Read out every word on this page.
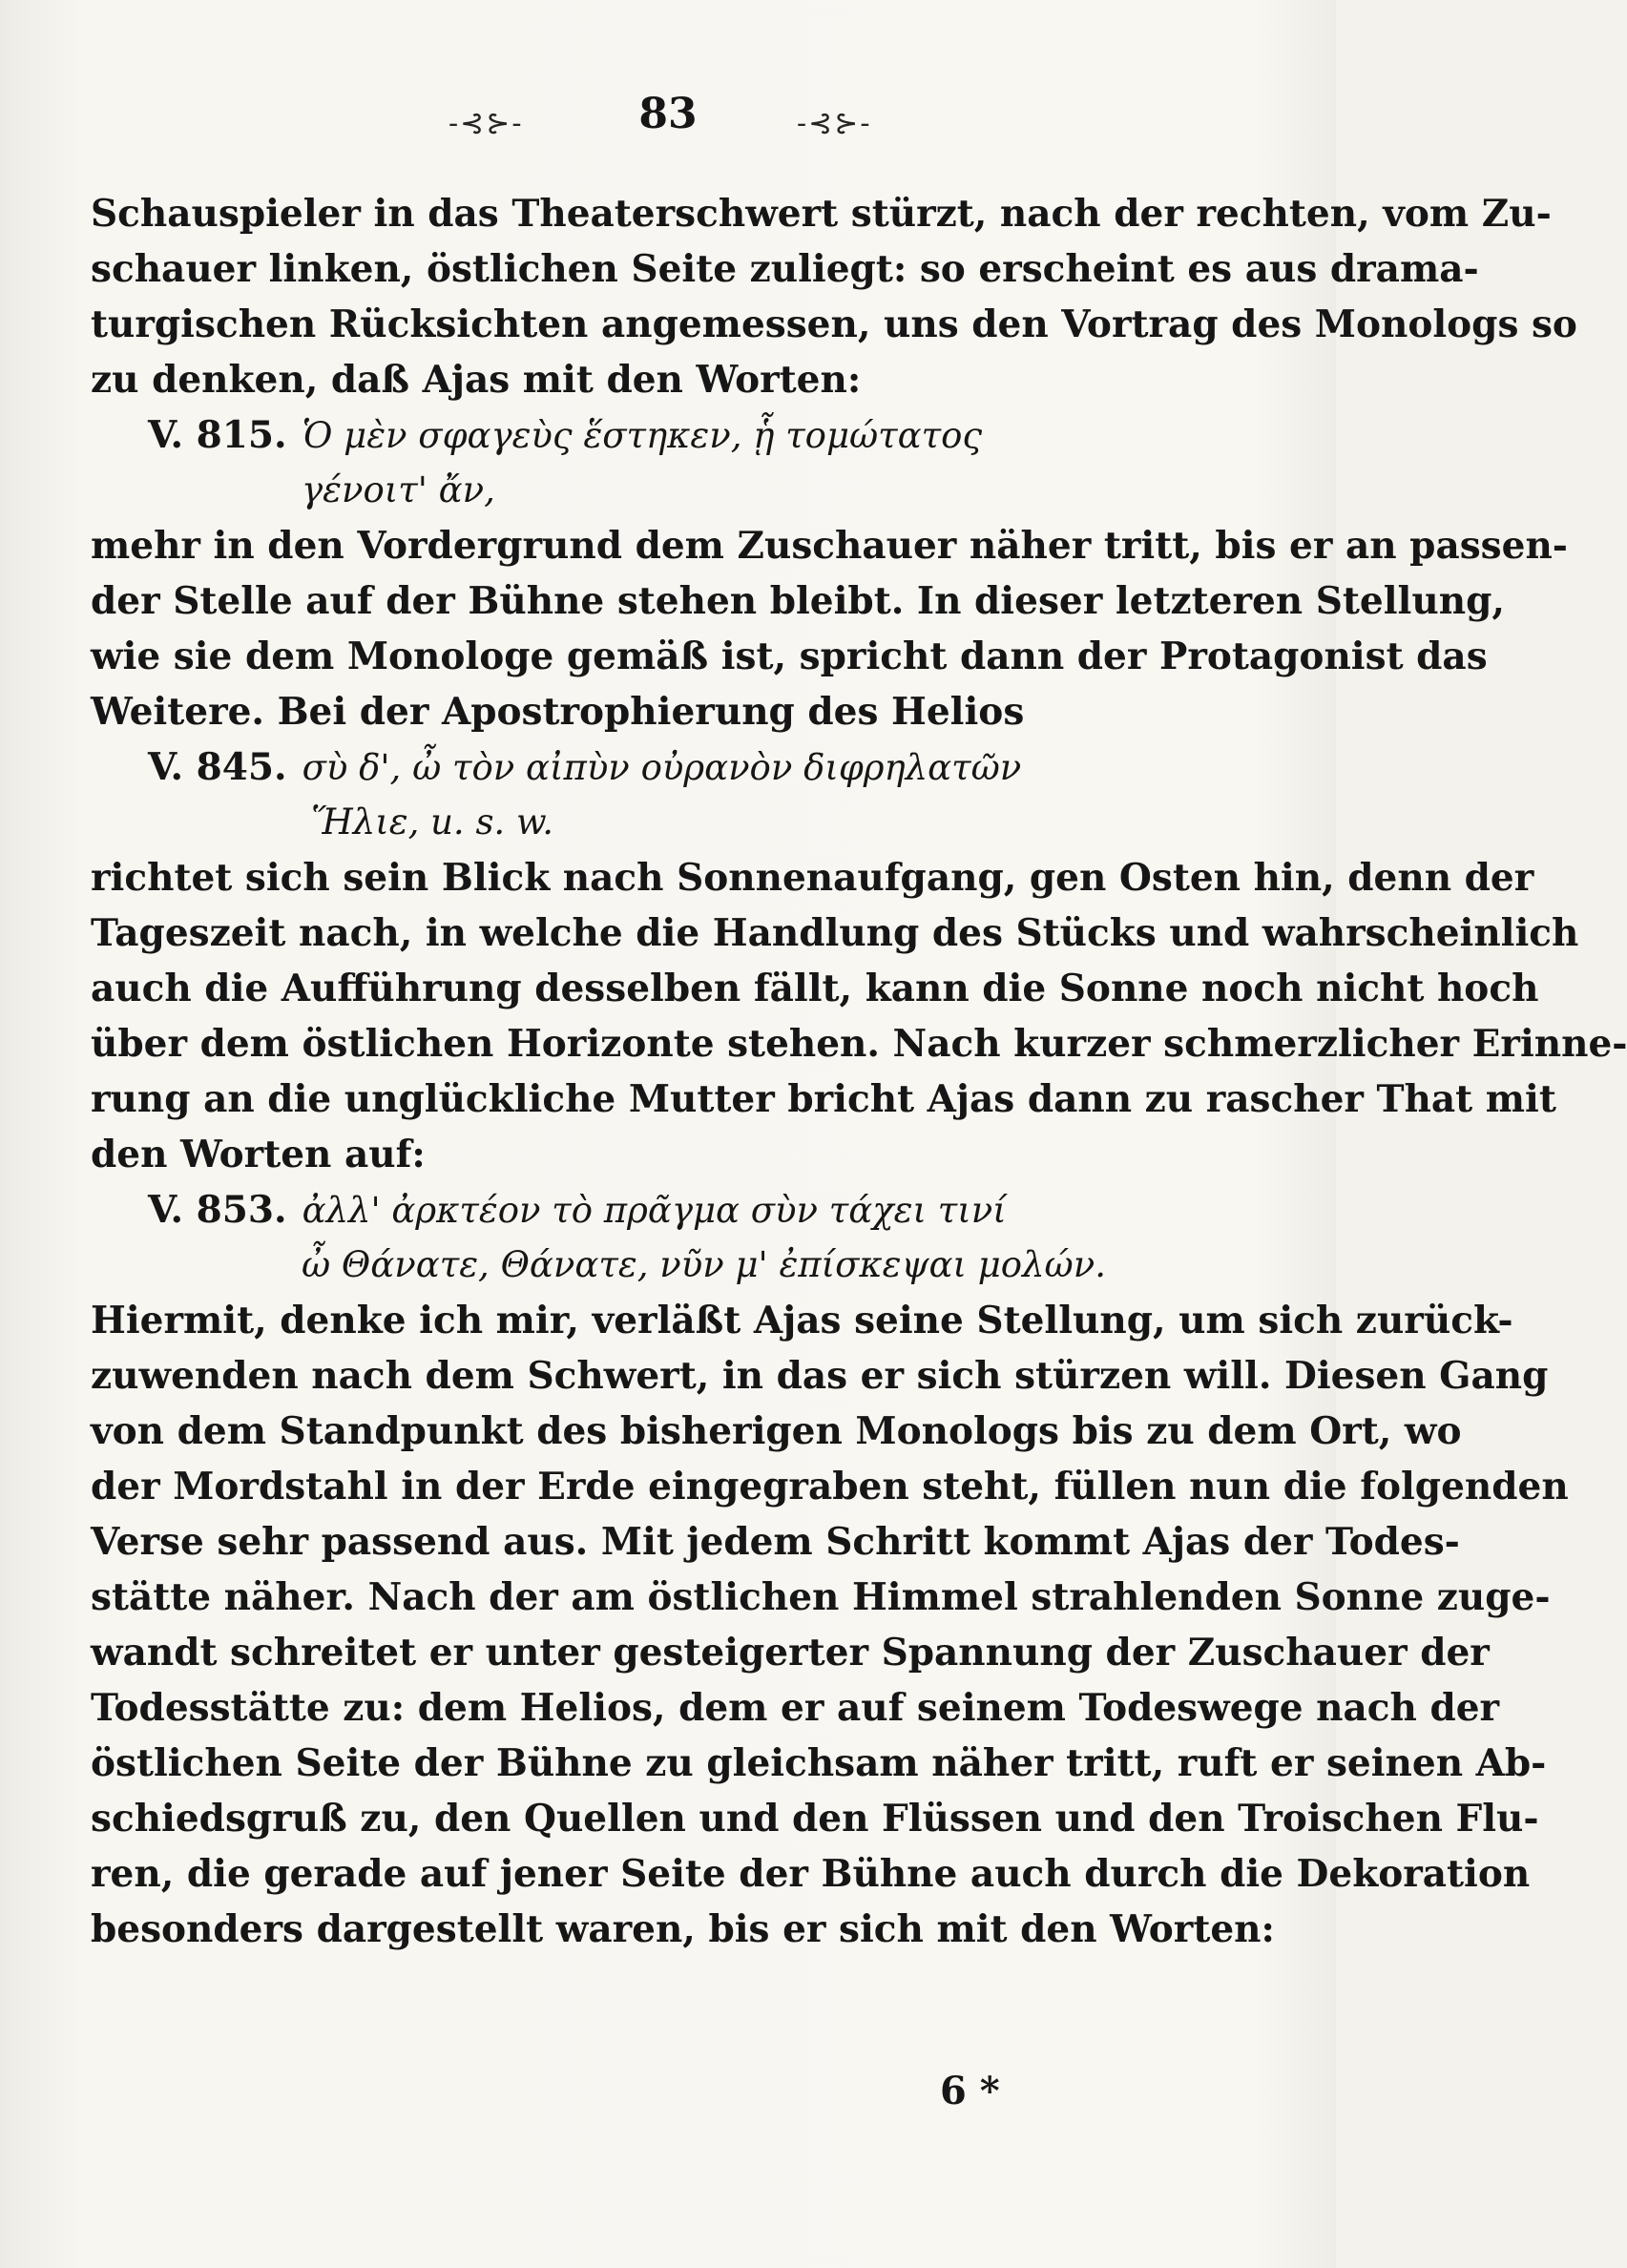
-⊰⊱-	83	-⊰⊱-
Schauspieler in das Theaterschwert stürzt, nach der rechten, vom Zu-
schauer linken, östlichen Seite zuliegt: so erscheint es aus drama-
turgischen Rücksichten angemessen, uns den Vortrag des Monologs so
zu denken, daß Ajas mit den Worten:
V. 815. Ὁ μὲν σφαγεὺς ἕστηκεν, ᾗ τομώτατος
γένοιτ' ἄν,
mehr in den Vordergrund dem Zuschauer näher tritt, bis er an passen-
der Stelle auf der Bühne stehen bleibt. In dieser letzteren Stellung,
wie sie dem Monologe gemäß ist, spricht dann der Protagonist das
Weitere. Bei der Apostrophierung des Helios
V. 845. σὺ δ', ὦ τὸν αἰπὺν οὐρανὸν διφρηλατῶν
Ἥλιε, u. s. w.
richtet sich sein Blick nach Sonnenaufgang, gen Osten hin, denn der
Tageszeit nach, in welche die Handlung des Stücks und wahrscheinlich
auch die Aufführung desselben fällt, kann die Sonne noch nicht hoch
über dem östlichen Horizonte stehen. Nach kurzer schmerzlicher Erinne-
rung an die unglückliche Mutter bricht Ajas dann zu rascher That mit
den Worten auf:
V. 853. ἀλλ' ἀρκτέον τὸ πρᾶγμα σὺν τάχει τινί
ὦ Θάνατε, Θάνατε, νῦν μ' ἐπίσκεψαι μολών.
Hiermit, denke ich mir, verläßt Ajas seine Stellung, um sich zurück-
zuwenden nach dem Schwert, in das er sich stürzen will. Diesen Gang
von dem Standpunkt des bisherigen Monologs bis zu dem Ort, wo
der Mordstahl in der Erde eingegraben steht, füllen nun die folgenden
Verse sehr passend aus. Mit jedem Schritt kommt Ajas der Todes-
stätte näher. Nach der am östlichen Himmel strahlenden Sonne zuge-
wandt schreitet er unter gesteigerter Spannung der Zuschauer der
Todesstätte zu: dem Helios, dem er auf seinem Todeswege nach der
östlichen Seite der Bühne zu gleichsam näher tritt, ruft er seinen Ab-
schiedsgruß zu, den Quellen und den Flüssen und den Troischen Flu-
ren, die gerade auf jener Seite der Bühne auch durch die Dekoration
besonders dargestellt waren, bis er sich mit den Worten:
6 *
